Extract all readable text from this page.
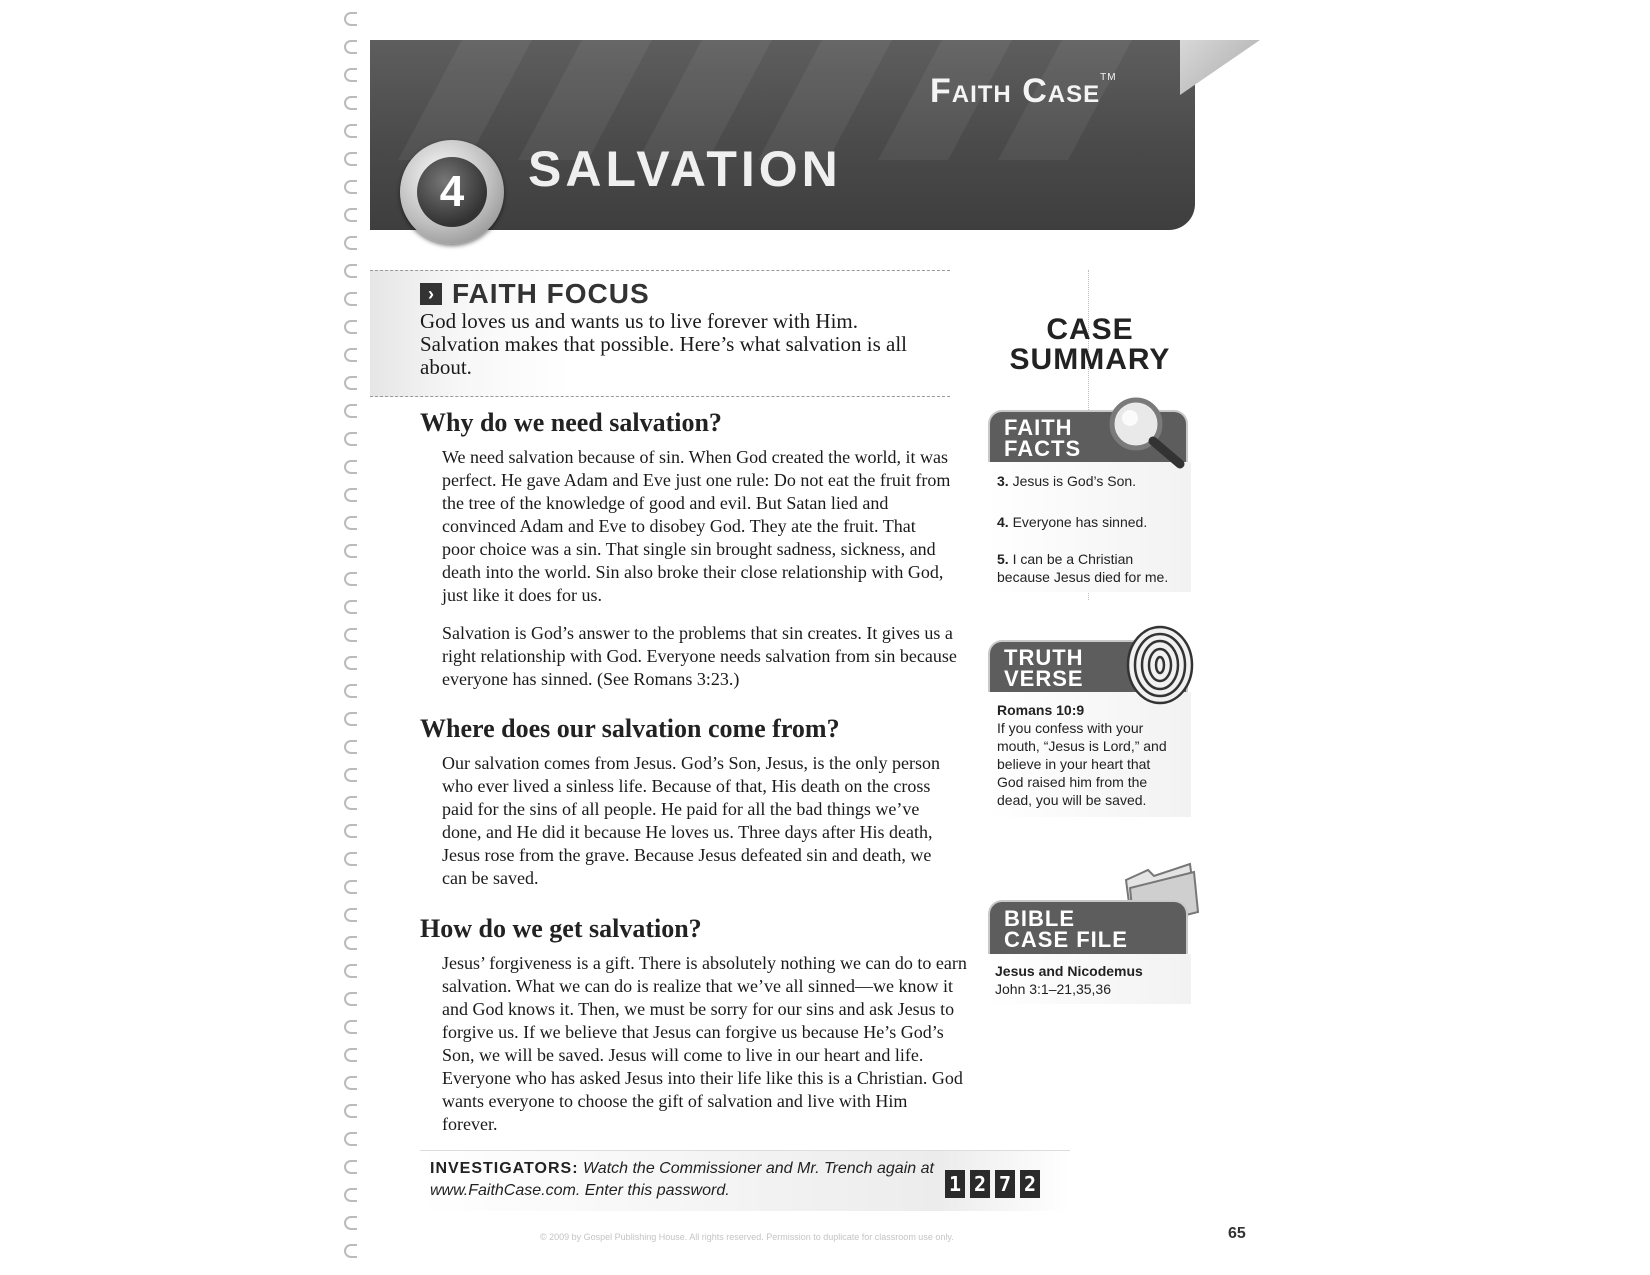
Faith Case™
4	SALVATION
› FAITH FOCUS
God loves us and wants us to live forever with Him. Salvation makes that possible. Here’s what salvation is all about.
Why do we need salvation?
We need salvation because of sin. When God created the world, it was perfect. He gave Adam and Eve just one rule: Do not eat the fruit from the tree of the knowledge of good and evil. But Satan lied and convinced Adam and Eve to disobey God. They ate the fruit. That poor choice was a sin. That single sin brought sadness, sickness, and death into the world. Sin also broke their close relationship with God, just like it does for us.
Salvation is God’s answer to the problems that sin creates. It gives us a right relationship with God. Everyone needs salvation from sin because everyone has sinned. (See Romans 3:23.)
Where does our salvation come from?
Our salvation comes from Jesus. God’s Son, Jesus, is the only person who ever lived a sinless life. Because of that, His death on the cross paid for the sins of all people. He paid for all the bad things we’ve done, and He did it because He loves us. Three days after His death, Jesus rose from the grave. Because Jesus defeated sin and death, we can be saved.
How do we get salvation?
Jesus’ forgiveness is a gift. There is absolutely nothing we can do to earn salvation. What we can do is realize that we’ve all sinned—we know it and God knows it. Then, we must be sorry for our sins and ask Jesus to forgive us. If we believe that Jesus can forgive us because He’s God’s Son, we will be saved. Jesus will come to live in our heart and life. Everyone who has asked Jesus into their life like this is a Christian. God wants everyone to choose the gift of salvation and live with Him forever.
CASE
SUMMARY
FAITH
FACTS
3. Jesus is God’s Son.
4. Everyone has sinned.
5. I can be a Christian because Jesus died for me.
TRUTH
VERSE
Romans 10:9
If you confess with your mouth, “Jesus is Lord,” and believe in your heart that God raised him from the dead, you will be saved.
BIBLE
CASE FILE
Jesus and Nicodemus
John 3:1–21,35,36
INVESTIGATORS: Watch the Commissioner and Mr. Trench again at www.FaithCase.com. Enter this password.	1 2 7 2
© 2009 by Gospel Publishing House. All rights reserved. Permission to duplicate for classroom use only.	65
